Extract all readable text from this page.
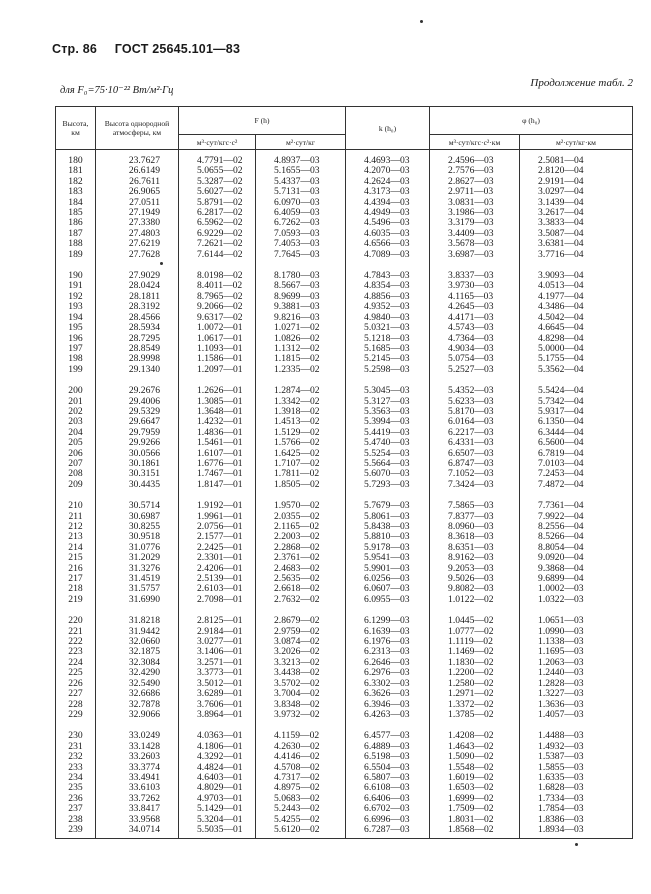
Стр. 86 ГОСТ 25645.101—83
для F₀=75·10⁻²² Вт/м²·Гц
Продолжение табл. 2
Высота, км	Высота однородной атмосферы, км	F (h)		k (h₀)	φ (h₀)	
		м³·сут/кгс·с²	м²·сут/кг		м³·сут/кгс·с²·км	м²·сут/кг·км

180	23.7627	4.7791—02	4.8937—03	4.4693—03	2.4596—03	2.5081—04
181	26.6149	5.0655—02	5.1655—03	4.2070—03	2.7576—03	2.8120—04
182	26.7611	5.3287—02	5.4337—03	4.2624—03	2.8627—03	2.9191—04
183	26.9065	5.6027—02	5.7131—03	4.3173—03	2.9711—03	3.0297—04
184	27.0511	5.8791—02	6.0970—03	4.4394—03	3.0831—03	3.1439—04
185	27.1949	6.2817—02	6.4059—03	4.4949—03	3.1986—03	3.2617—04
186	27.3380	6.5962—02	6.7262—03	4.5496—03	3.3179—03	3.3833—04
187	27.4803	6.9229—02	7.0593—03	4.6035—03	3.4409—03	3.5087—04
188	27.6219	7.2621—02	7.4053—03	4.6566—03	3.5678—03	3.6381—04
189	27.7628	7.6144—02	7.7645—03	4.7089—03	3.6987—03	3.7716—04

190	27.9029	8.0198—02	8.1780—03	4.7843—03	3.8337—03	3.9093—04
191	28.0424	8.4011—02	8.5667—03	4.8354—03	3.9730—03	4.0513—04
192	28.1811	8.7965—02	8.9699—03	4.8856—03	4.1165—03	4.1977—04
193	28.3192	9.2066—02	9.3881—03	4.9352—03	4.2645—03	4.3486—04
194	28.4566	9.6317—02	9.8216—03	4.9840—03	4.4171—03	4.5042—04
195	28.5934	1.0072—01	1.0271—02	5.0321—03	4.5743—03	4.6645—04
196	28.7295	1.0617—01	1.0826—02	5.1218—03	4.7364—03	4.8298—04
197	28.8549	1.1093—01	1.1312—02	5.1685—03	4.9034—03	5.0000—04
198	28.9998	1.1586—01	1.1815—02	5.2145—03	5.0754—03	5.1755—04
199	29.1340	1.2097—01	1.2335—02	5.2598—03	5.2527—03	5.3562—04

200	29.2676	1.2626—01	1.2874—02	5.3045—03	5.4352—03	5.5424—04
201	29.4006	1.3085—01	1.3342—02	5.3127—03	5.6233—03	5.7342—04
202	29.5329	1.3648—01	1.3918—02	5.3563—03	5.8170—03	5.9317—04
203	29.6647	1.4232—01	1.4513—02	5.3994—03	6.0164—03	6.1350—04
204	29.7959	1.4836—01	1.5129—02	5.4419—03	6.2217—03	6.3444—04
205	29.9266	1.5461—01	1.5766—02	5.4740—03	6.4331—03	6.5600—04
206	30.0566	1.6107—01	1.6425—02	5.5254—03	6.6507—03	6.7819—04
207	30.1861	1.6776—01	1.7107—02	5.5664—03	6.8747—03	7.0103—04
208	30.3151	1.7467—01	1.7811—02	5.6070—03	7.1052—03	7.2453—04
209	30.4435	1.8147—01	1.8505—02	5.7293—03	7.3424—03	7.4872—04

210	30.5714	1.9192—01	1.9570—02	5.7679—03	7.5865—03	7.7361—04
211	30.6987	1.9961—01	2.0355—02	5.8061—03	7.8377—03	7.9922—04
212	30.8255	2.0756—01	2.1165—02	5.8438—03	8.0960—03	8.2556—04
213	30.9518	2.1577—01	2.2003—02	5.8810—03	8.3618—03	8.5266—04
214	31.0776	2.2425—01	2.2868—02	5.9178—03	8.6351—03	8.8054—04
215	31.2029	2.3301—01	2.3761—02	5.9541—03	8.9162—03	9.0920—04
216	31.3276	2.4206—01	2.4683—02	5.9901—03	9.2053—03	9.3868—04
217	31.4519	2.5139—01	2.5635—02	6.0256—03	9.5026—03	9.6899—04
218	31.5757	2.6103—01	2.6618—02	6.0607—03	9.8082—03	1.0002—03
219	31.6990	2.7098—01	2.7632—02	6.0955—03	1.0122—02	1.0322—03

220	31.8218	2.8125—01	2.8679—02	6.1299—03	1.0445—02	1.0651—03
221	31.9442	2.9184—01	2.9759—02	6.1639—03	1.0777—02	1.0990—03
222	32.0660	3.0277—01	3.0874—02	6.1976—03	1.1119—02	1.1338—03
223	32.1875	3.1406—01	3.2026—02	6.2313—03	1.1469—02	1.1695—03
224	32.3084	3.2571—01	3.3213—02	6.2646—03	1.1830—02	1.2063—03
225	32.4290	3.3773—01	3.4438—02	6.2976—03	1.2200—02	1.2440—03
226	32.5490	3.5012—01	3.5702—02	6.3302—03	1.2580—02	1.2828—03
227	32.6686	3.6289—01	3.7004—02	6.3626—03	1.2971—02	1.3227—03
228	32.7878	3.7606—01	3.8348—02	6.3946—03	1.3372—02	1.3636—03
229	32.9066	3.8964—01	3.9732—02	6.4263—03	1.3785—02	1.4057—03

230	33.0249	4.0363—01	4.1159—02	6.4577—03	1.4208—02	1.4488—03
231	33.1428	4.1806—01	4.2630—02	6.4889—03	1.4643—02	1.4932—03
232	33.2603	4.3292—01	4.4146—02	6.5198—03	1.5090—02	1.5387—03
233	33.3774	4.4824—01	4.5708—02	6.5504—03	1.5548—02	1.5855—03
234	33.4941	4.6403—01	4.7317—02	6.5807—03	1.6019—02	1.6335—03
235	33.6103	4.8029—01	4.8975—02	6.6108—03	1.6503—02	1.6828—03
236	33.7262	4.9703—01	5.0683—02	6.6406—03	1.6999—02	1.7334—03
237	33.8417	5.1429—01	5.2443—02	6.6702—03	1.7509—02	1.7854—03
238	33.9568	5.3204—01	5.4255—02	6.6996—03	1.8031—02	1.8386—03
239	34.0714	5.5035—01	5.6120—02	6.7287—03	1.8568—02	1.8934—03
